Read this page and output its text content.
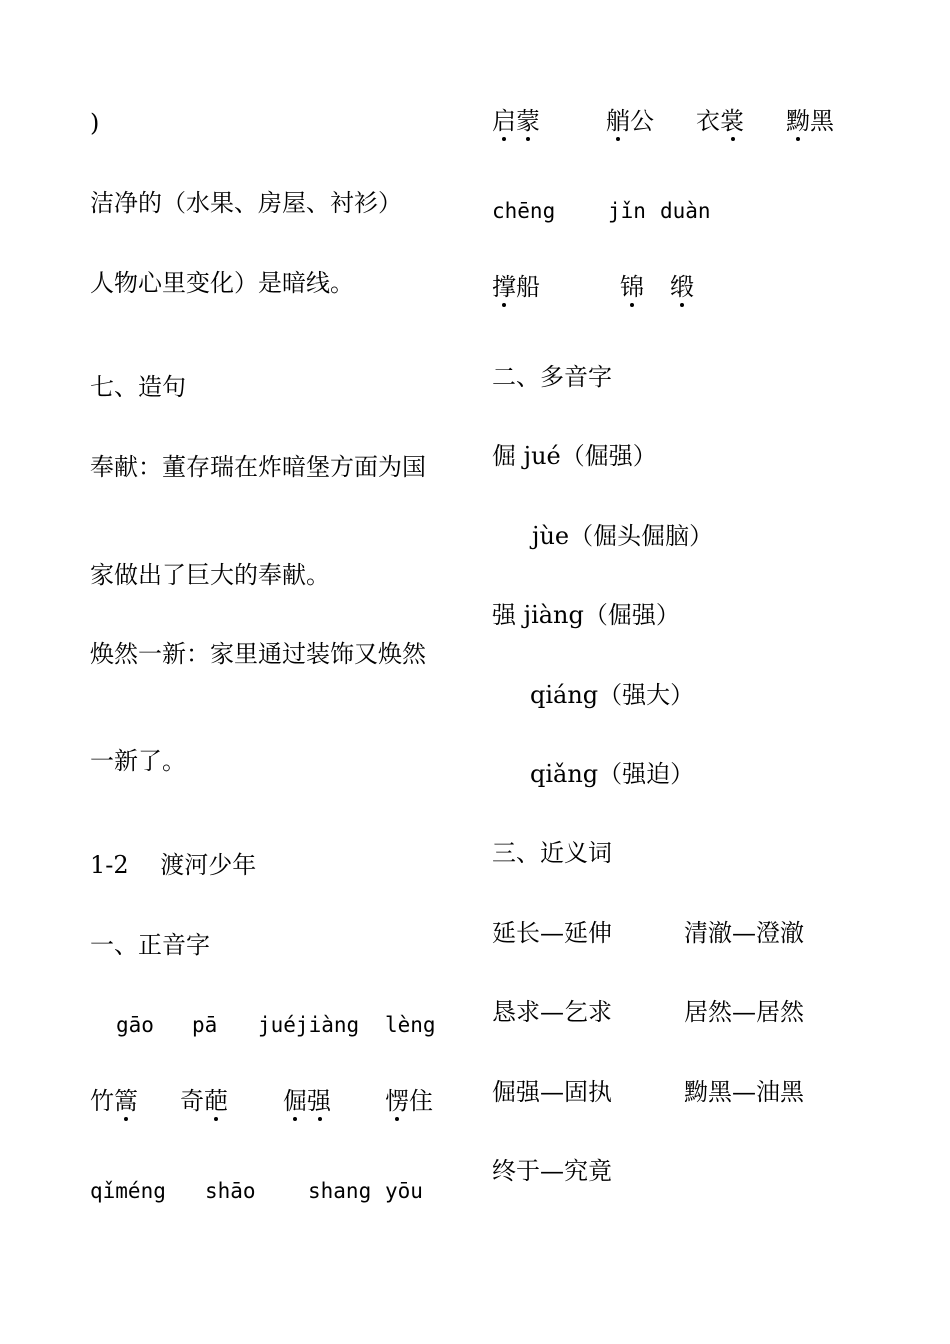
)
洁净的（水果、房屋、衬衫）
人物心里变化）是暗线。
七、造句
奉献：董存瑞在炸暗堡方面为国
家做出了巨大的奉献。
焕然一新：家里通过装饰又焕然
一新了。
1-2　 渡河少年
一、正音字
gāo pā juéjiàng lèng
竹篙 奇葩 倔强 愣住
qǐméng shāo shang yōu
启蒙	艄公 衣裳 黝黑
chēng	jǐn duàn
撑船	锦 缎
二、多音字
倔 jué（倔强）
jùe（倔头倔脑）
强 jiàng（倔强）
qiáng（强大）
qiǎng（强迫）
三、近义词
延长—延伸	清澈—澄澈
恳求—乞求	居然—居然
倔强—固执	黝黑—油黑
终于—究竟
